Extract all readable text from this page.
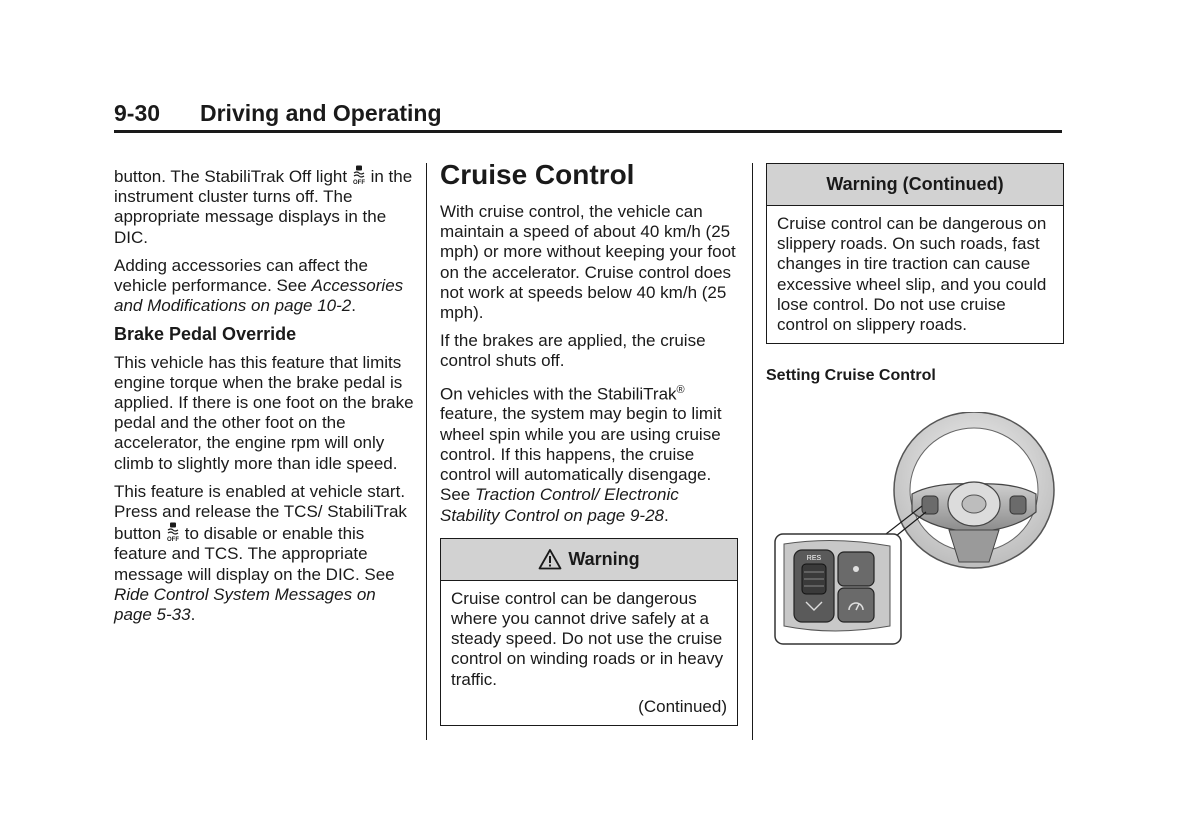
9-30 Driving and Operating

button. The StabiliTrak Off light OFF in the instrument cluster turns off. The appropriate message displays in the DIC.

Adding accessories can affect the vehicle performance. See Accessories and Modifications on page 10-2.

Brake Pedal Override

This vehicle has this feature that limits engine torque when the brake pedal is applied. If there is one foot on the brake pedal and the other foot on the accelerator, the engine rpm will only climb to slightly more than idle speed.

This feature is enabled at vehicle start. Press and release the TCS/ StabiliTrak button OFF to disable or enable this feature and TCS. The appropriate message will display on the DIC. See Ride Control System Messages on page 5-33.

Cruise Control

With cruise control, the vehicle can maintain a speed of about 40 km/h (25 mph) or more without keeping your foot on the accelerator. Cruise control does not work at speeds below 40 km/h (25 mph).

If the brakes are applied, the cruise control shuts off.

On vehicles with the StabiliTrak® feature, the system may begin to limit wheel spin while you are using cruise control. If this happens, the cruise control will automatically disengage. See Traction Control/ Electronic Stability Control on page 9-28.

Warning

Cruise control can be dangerous where you cannot drive safely at a steady speed. Do not use the cruise control on winding roads or in heavy traffic.

(Continued)
Warning (Continued)

Cruise control can be dangerous on slippery roads. On such roads, fast changes in tire traction can cause excessive wheel slip, and you could lose control. Do not use cruise control on slippery roads.

Setting Cruise Control
RES
